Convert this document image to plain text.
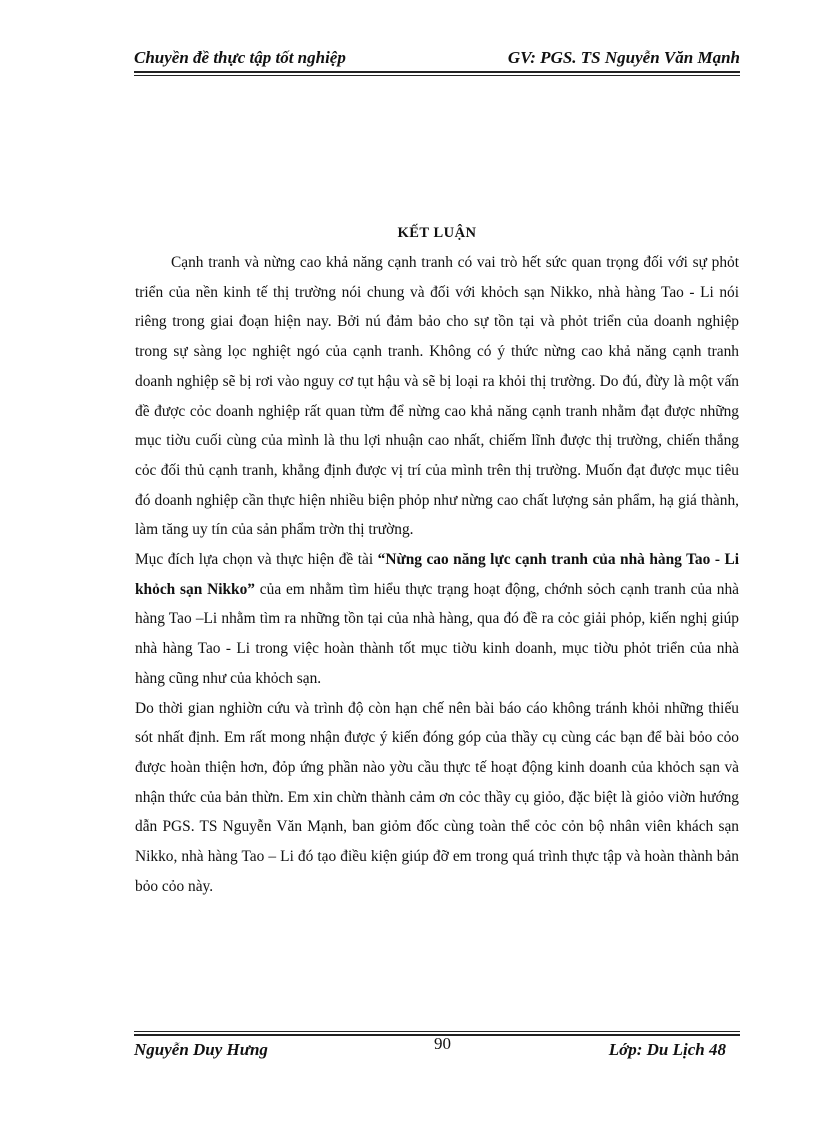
Chuyền đề thực tập tốt nghiệp	GV: PGS. TS Nguyễn Văn Mạnh

KẾT LUẬN

Cạnh tranh và nừng cao khả năng cạnh tranh có vai trò hết sức quan trọng đối với sự phỏt triển của nền kinh tế thị trường nói chung và đối với khỏch sạn Nikko, nhà hàng Tao - Li nói riêng trong giai đoạn hiện nay. Bởi nú đảm bảo cho sự tồn tại và phỏt triển của doanh nghiệp trong sự sàng lọc nghiệt ngó của cạnh tranh. Không có ý thức nừng cao khả năng cạnh tranh doanh nghiệp sẽ bị rơi vào nguy cơ tụt hậu và sẽ bị loại ra khỏi thị trường. Do đú, đừy là một vấn đề được cỏc doanh nghiệp rất quan từm để nừng cao khả năng cạnh tranh nhằm đạt được những mục tiờu cuối cùng của mình là thu lợi nhuận cao nhất, chiếm lĩnh được thị trường, chiến thắng cỏc đối thủ cạnh tranh, khẳng định được vị trí của mình trên thị trường. Muốn đạt được mục tiêu đó doanh nghiệp cần thực hiện nhiều biện phỏp như nừng cao chất lượng sản phẩm, hạ giá thành, làm tăng uy tín của sản phẩm trờn thị trường.

Mục đích lựa chọn và thực hiện đề tài “Nừng cao năng lực cạnh tranh của nhà hàng Tao - Li khỏch sạn Nikko” của em nhằm tìm hiểu thực trạng hoạt động, chớnh sỏch cạnh tranh của nhà hàng Tao –Li nhằm tìm ra những tồn tại của nhà hàng, qua đó đề ra cỏc giải phỏp, kiến nghị giúp nhà hàng Tao - Li trong việc hoàn thành tốt mục tiờu kinh doanh, mục tiờu phỏt triển của nhà hàng cũng như của khỏch sạn.

Do thời gian nghiờn cứu và trình độ còn hạn chế nên bài báo cáo không tránh khỏi những thiếu sót nhất định. Em rất mong nhận được ý kiến đóng góp của thầy cụ cùng các bạn để bài bỏo cỏo được hoàn thiện hơn, đỏp ứng phần nào yờu cầu thực tế hoạt động kinh doanh của khỏch sạn và nhận thức của bản thừn. Em xin chừn thành cảm ơn cỏc thầy cụ giỏo, đặc biệt là giỏo viờn hướng dẫn PGS. TS Nguyễn Văn Mạnh, ban giỏm đốc cùng toàn thể cỏc cỏn bộ nhân viên khách sạn Nikko, nhà hàng Tao – Li đó tạo điều kiện giúp đỡ em trong quá trình thực tập và hoàn thành bản bỏo cỏo này.

Nguyễn Duy Hưng	90	Lớp: Du Lịch 48
